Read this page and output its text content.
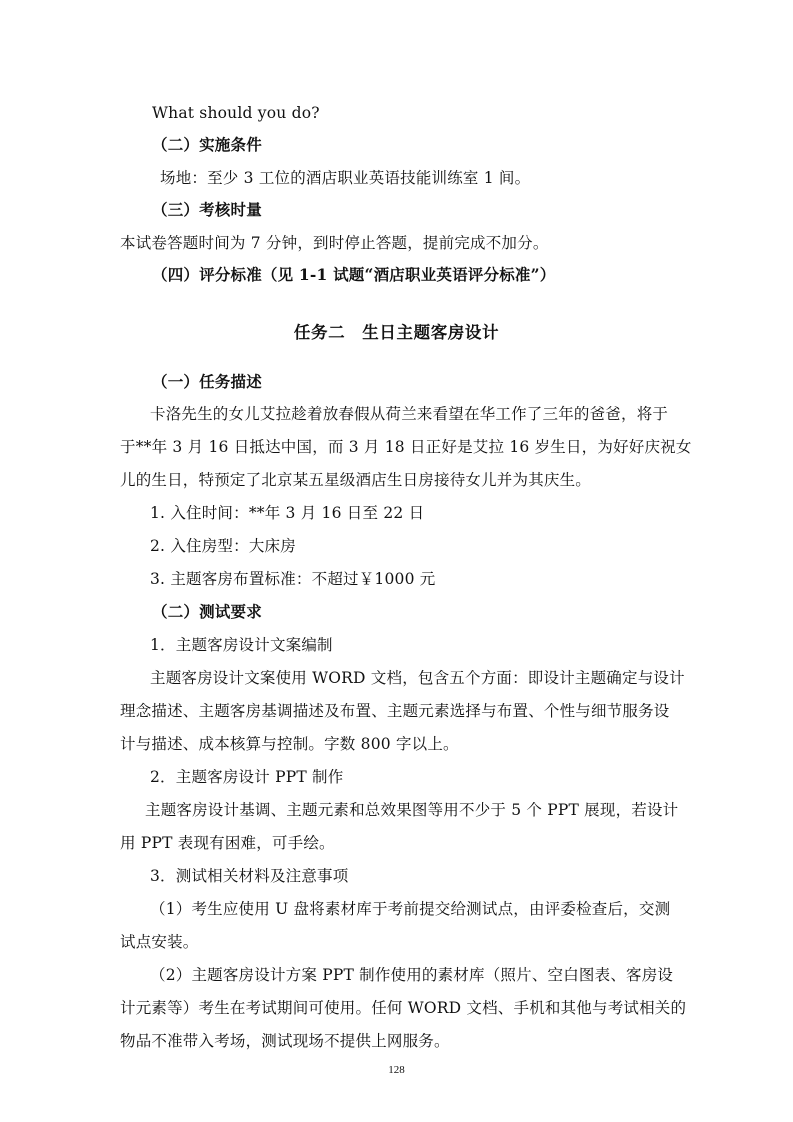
What should you do?
（二）实施条件
场地：至少 3 工位的酒店职业英语技能训练室 1 间。
（三）考核时量
本试卷答题时间为 7 分钟，到时停止答题，提前完成不加分。
（四）评分标准（见 1-1 试题“酒店职业英语评分标准”）
任务二　生日主题客房设计
（一）任务描述
卡洛先生的女儿艾拉趁着放春假从荷兰来看望在华工作了三年的爸爸，将于
于**年 3 月 16 日抵达中国，而 3 月 18 日正好是艾拉 16 岁生日，为好好庆祝女
儿的生日，特预定了北京某五星级酒店生日房接待女儿并为其庆生。
1. 入住时间：**年 3 月 16 日至 22 日
2. 入住房型：大床房
3. 主题客房布置标准：不超过￥1000 元
（二）测试要求
1．主题客房设计文案编制
主题客房设计文案使用 WORD 文档，包含五个方面：即设计主题确定与设计
理念描述、主题客房基调描述及布置、主题元素选择与布置、个性与细节服务设
计与描述、成本核算与控制。字数 800 字以上。
2．主题客房设计 PPT 制作
主题客房设计基调、主题元素和总效果图等用不少于 5 个 PPT 展现，若设计
用 PPT 表现有困难，可手绘。
3．测试相关材料及注意事项
（1）考生应使用 U 盘将素材库于考前提交给测试点，由评委检查后，交测
试点安装。
（2）主题客房设计方案 PPT 制作使用的素材库（照片、空白图表、客房设
计元素等）考生在考试期间可使用。任何 WORD 文档、手机和其他与考试相关的
物品不准带入考场，测试现场不提供上网服务。
128
